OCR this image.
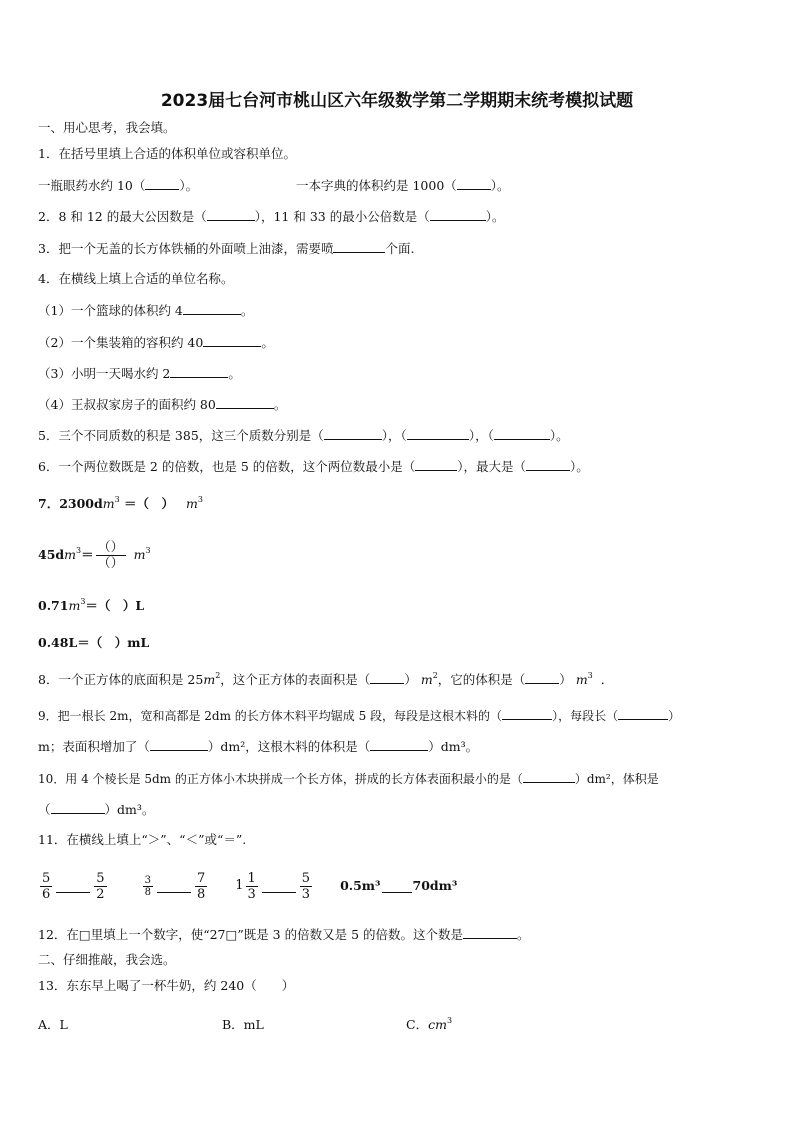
2023届七台河市桃山区六年级数学第二学期期末统考模拟试题
一、用心思考，我会填。
1．在括号里填上合适的体积单位或容积单位。
一瓶眼药水约 10（	）。	一本字典的体积约是 1000（	）。
2．8 和 12 的最大公因数是（	），11 和 33 的最小公倍数是（	）。
3．把一个无盖的长方体铁桶的外面喷上油漆，需要喷	个面.
4．在横线上填上合适的单位名称。
（1）一个篮球的体积约 4	。
（2）一个集装箱的容积约 40	。
（3）小明一天喝水约 2	。
（4）王叔叔家房子的面积约 80	。
5．三个不同质数的积是 385，这三个质数分别是（	），（	），（	）。
6．一个两位数既是 2 的倍数，也是 5 的倍数，这个两位数最小是（	），最大是（	）。
7．$2300dm^3$ ＝（　） $m^3$
$45dm^3= \frac{()}{()} m^3$
$0.71m^3=$（　）L
0.48L＝（　）mL
8．一个正方体的底面积是 $25m^2$，这个正方体的表面积是（	） $m^2$，它的体积是（	） $m^3$ ．
9．把一根长 2m，宽和高都是 2dm 的长方体木料平均锯成 5 段，每段是这根木料的（	），每段长（	）
m；表面积增加了（	）dm²，这根木料的体积是（	）dm³。
10．用 4 个棱长是 5dm 的正方体小木块拼成一个长方体，拼成的长方体表面积最小的是（	）dm²，体积是
（	）dm³。
11．在横线上填上“＞”、“＜”或“＝”.
$\frac{5}{6}$	$\frac{5}{2}$	$\frac{3}{8}$	$\frac{7}{8} 1 \frac{1}{3}$	$\frac{5}{3} 0.5m^3$	70dm³
12．在□里填上一个数字，使“27□”既是 3 的倍数又是 5 的倍数。这个数是	。
二、仔细推敲，我会选。
13．东东早上喝了一杯牛奶，约 240（　　）
A．L	B．mL	C．$cm^3$
